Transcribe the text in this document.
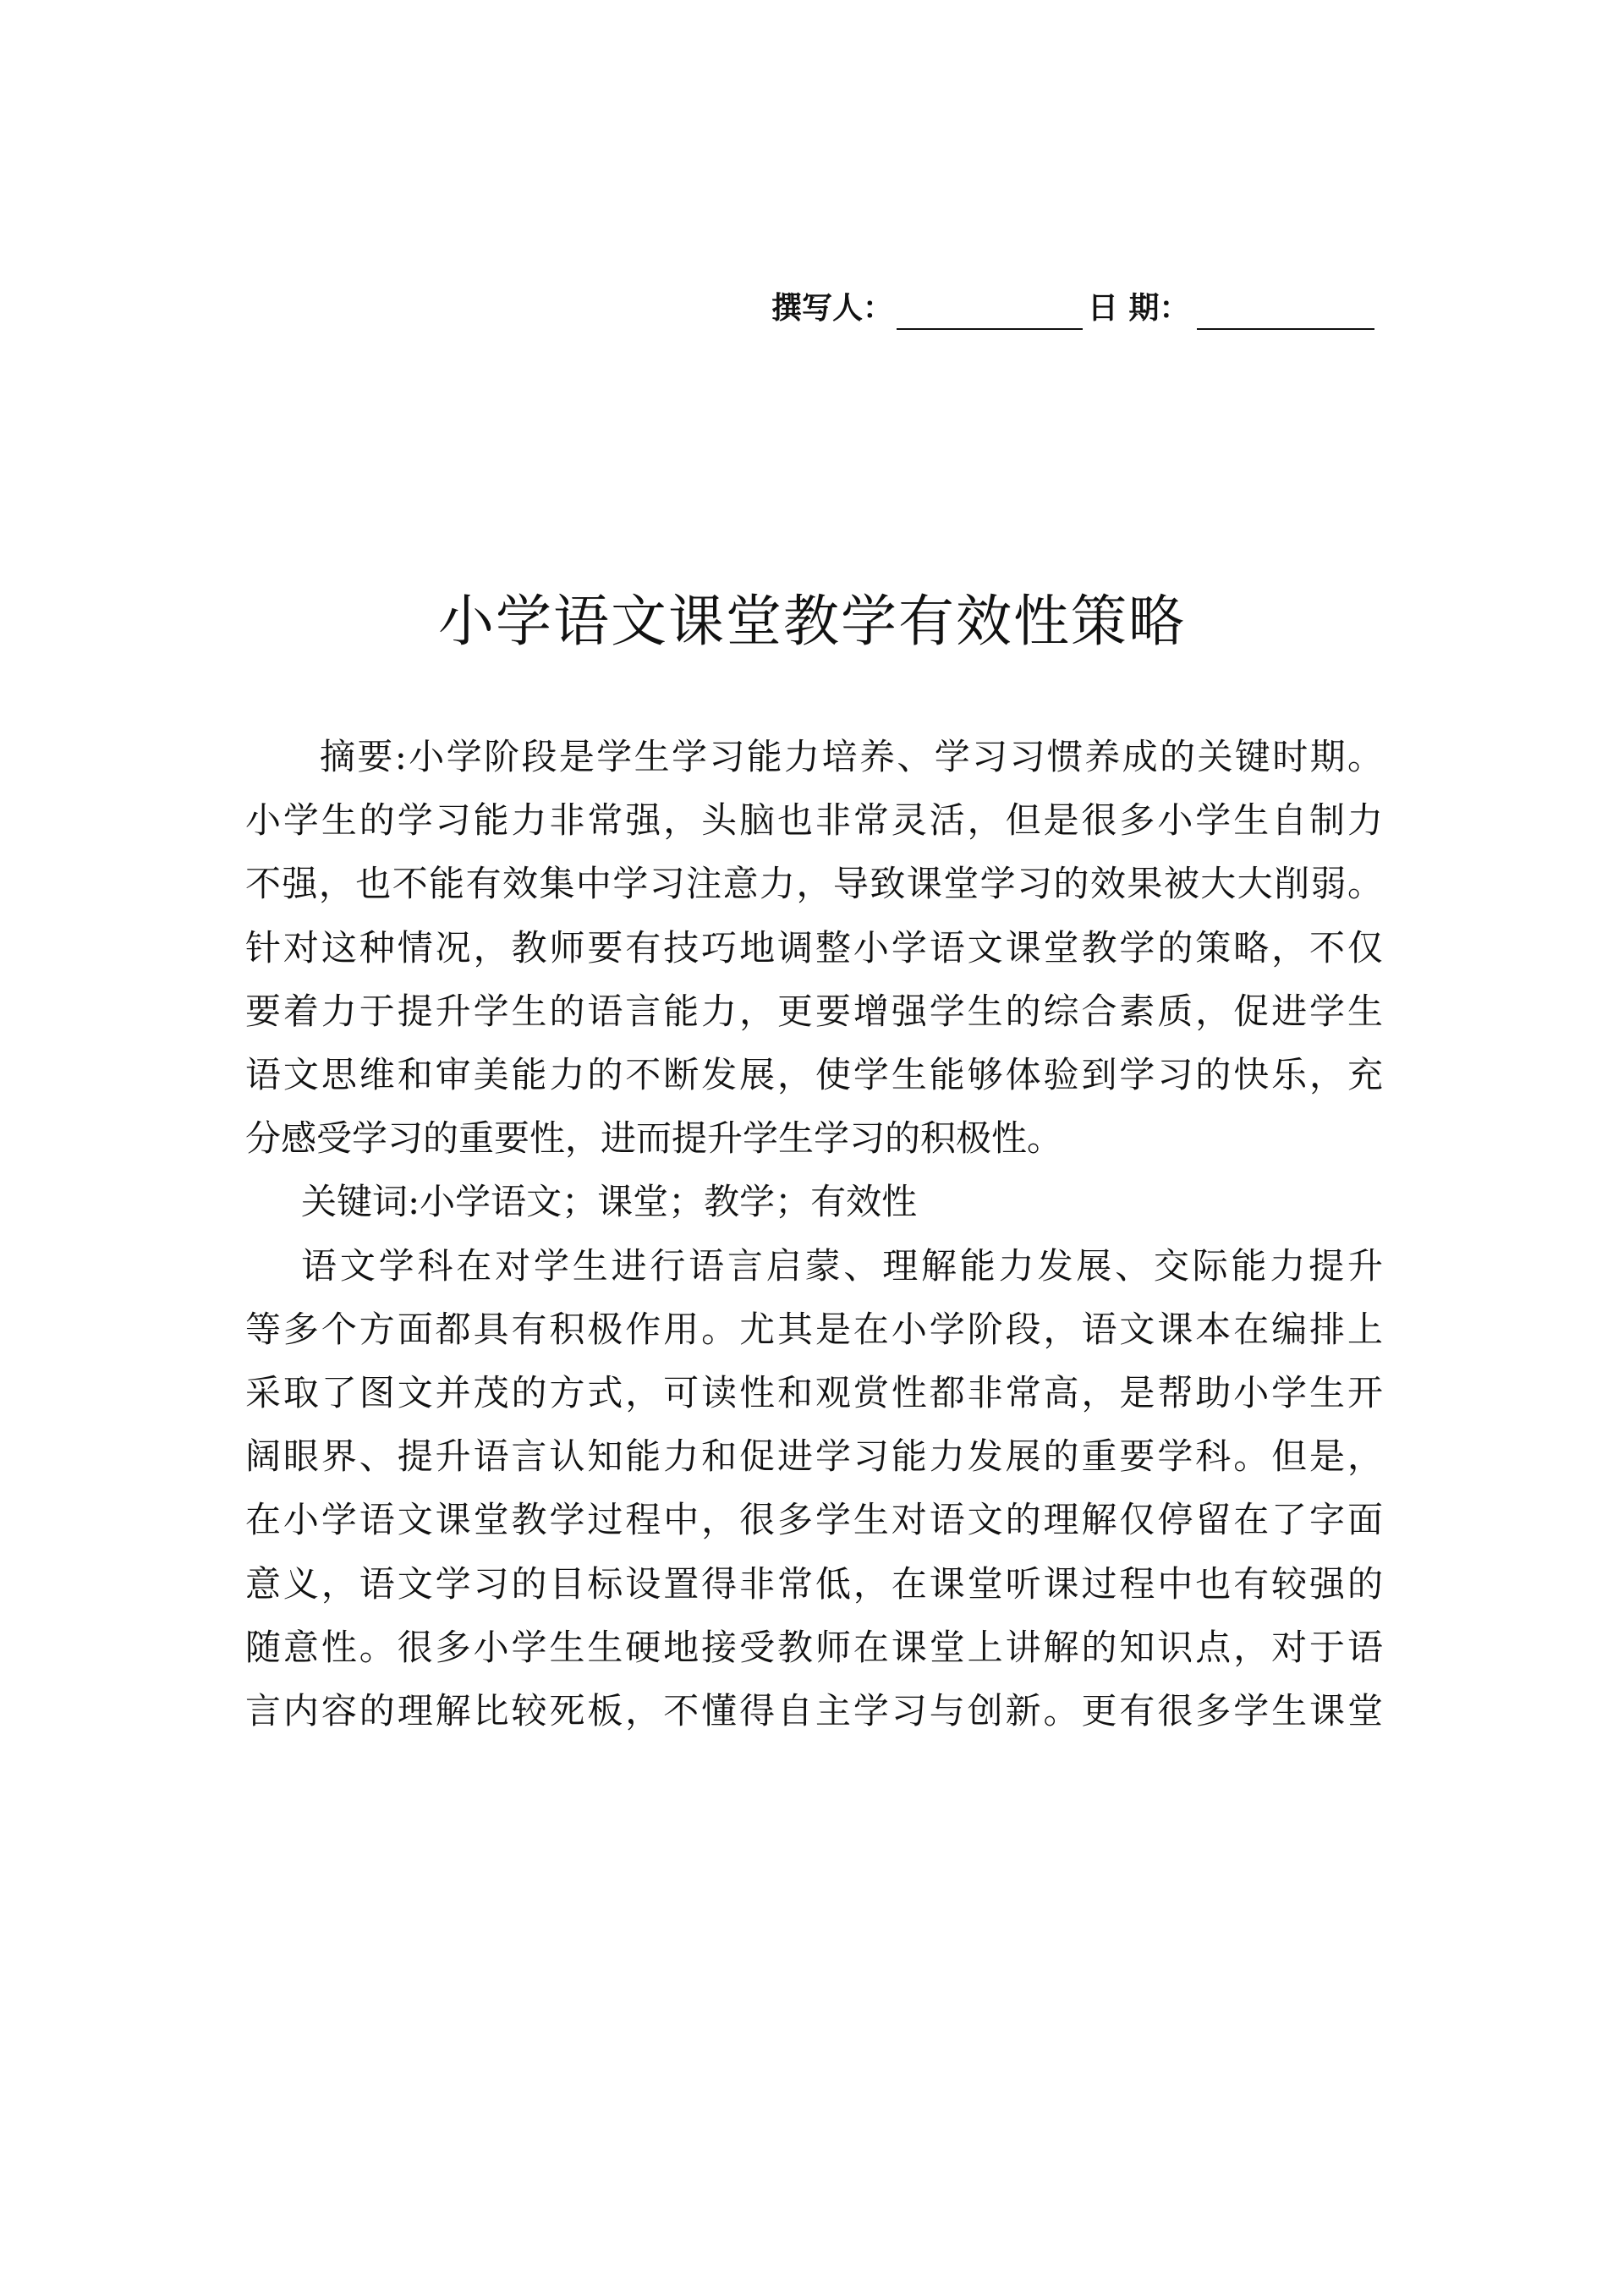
撰写人：	日 期：
小学语文课堂教学有效性策略

摘要:小学阶段是学生学习能力培养、学习习惯养成的关键时期。
小学生的学习能力非常强，头脑也非常灵活，但是很多小学生自制力
不强，也不能有效集中学习注意力，导致课堂学习的效果被大大削弱。
针对这种情况，教师要有技巧地调整小学语文课堂教学的策略，不仅
要着力于提升学生的语言能力，更要增强学生的综合素质，促进学生
语文思维和审美能力的不断发展，使学生能够体验到学习的快乐，充
分感受学习的重要性，进而提升学生学习的积极性。

关键词:小学语文；课堂；教学；有效性

语文学科在对学生进行语言启蒙、理解能力发展、交际能力提升
等多个方面都具有积极作用。尤其是在小学阶段，语文课本在编排上
采取了图文并茂的方式，可读性和观赏性都非常高，是帮助小学生开
阔眼界、提升语言认知能力和促进学习能力发展的重要学科。但是，
在小学语文课堂教学过程中，很多学生对语文的理解仅停留在了字面
意义，语文学习的目标设置得非常低，在课堂听课过程中也有较强的
随意性。很多小学生生硬地接受教师在课堂上讲解的知识点，对于语
言内容的理解比较死板，不懂得自主学习与创新。更有很多学生课堂
